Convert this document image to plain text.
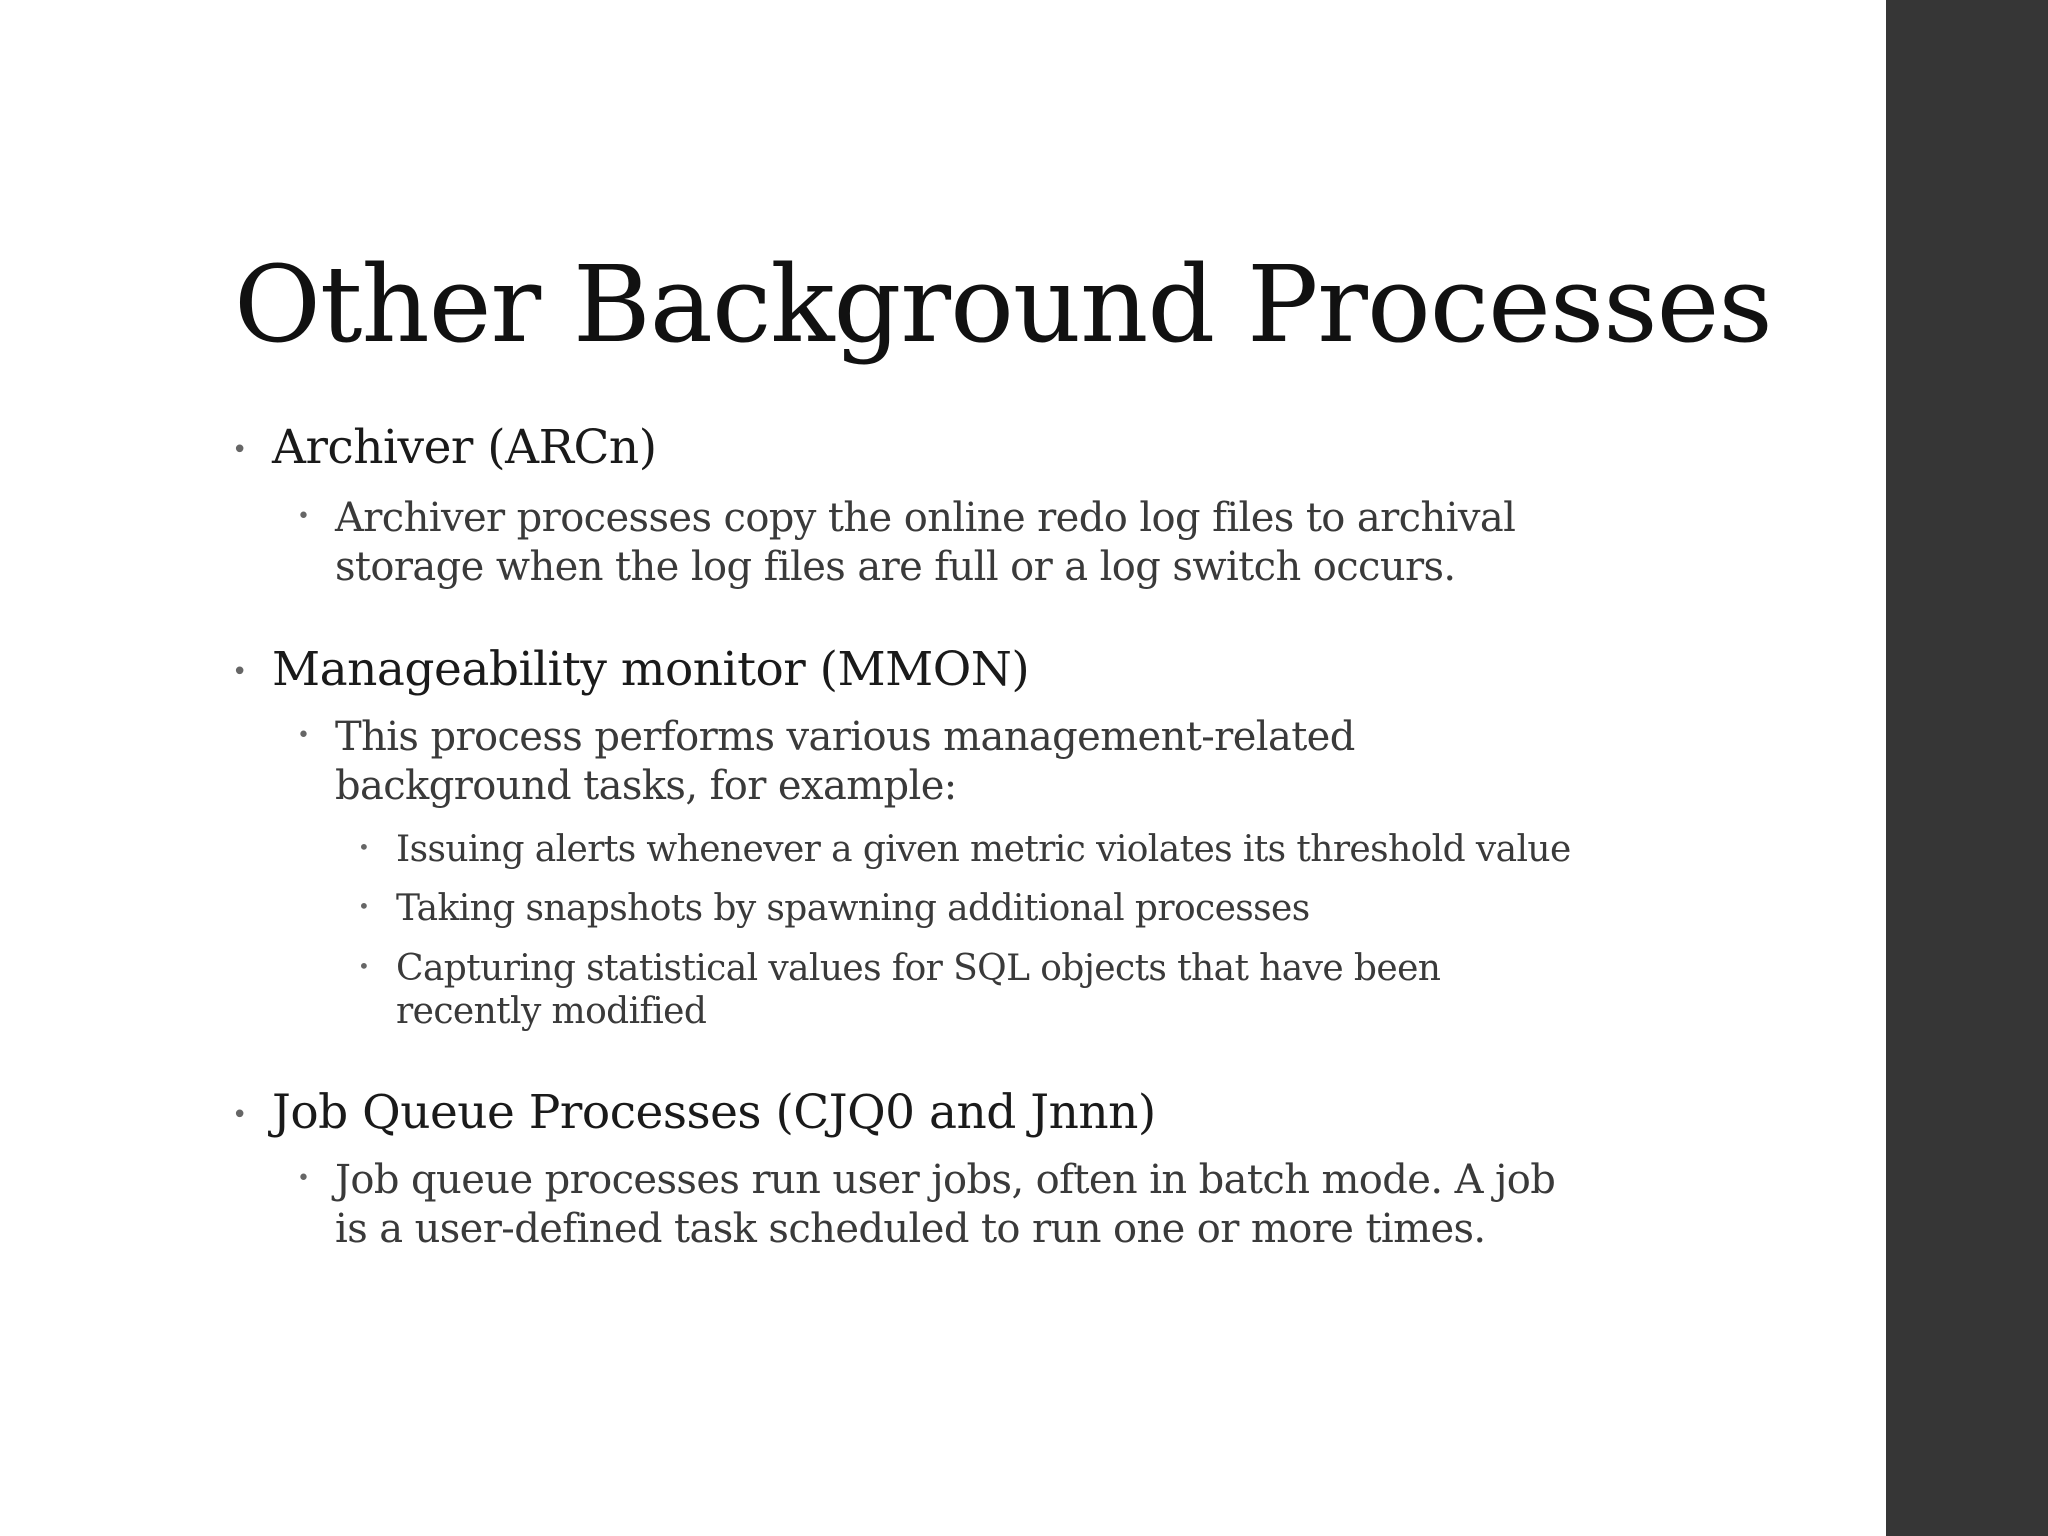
Other Background Processes
• Archiver (ARCn)
• Archiver processes copy the online redo log files to archival
storage when the log files are full or a log switch occurs.
• Manageability monitor (MMON)
• This process performs various management-related
background tasks, for example:
• Issuing alerts whenever a given metric violates its threshold value
• Taking snapshots by spawning additional processes
• Capturing statistical values for SQL objects that have been
recently modified
• Job Queue Processes (CJQ0 and Jnnn)
• Job queue processes run user jobs, often in batch mode. A job
is a user-defined task scheduled to run one or more times.
